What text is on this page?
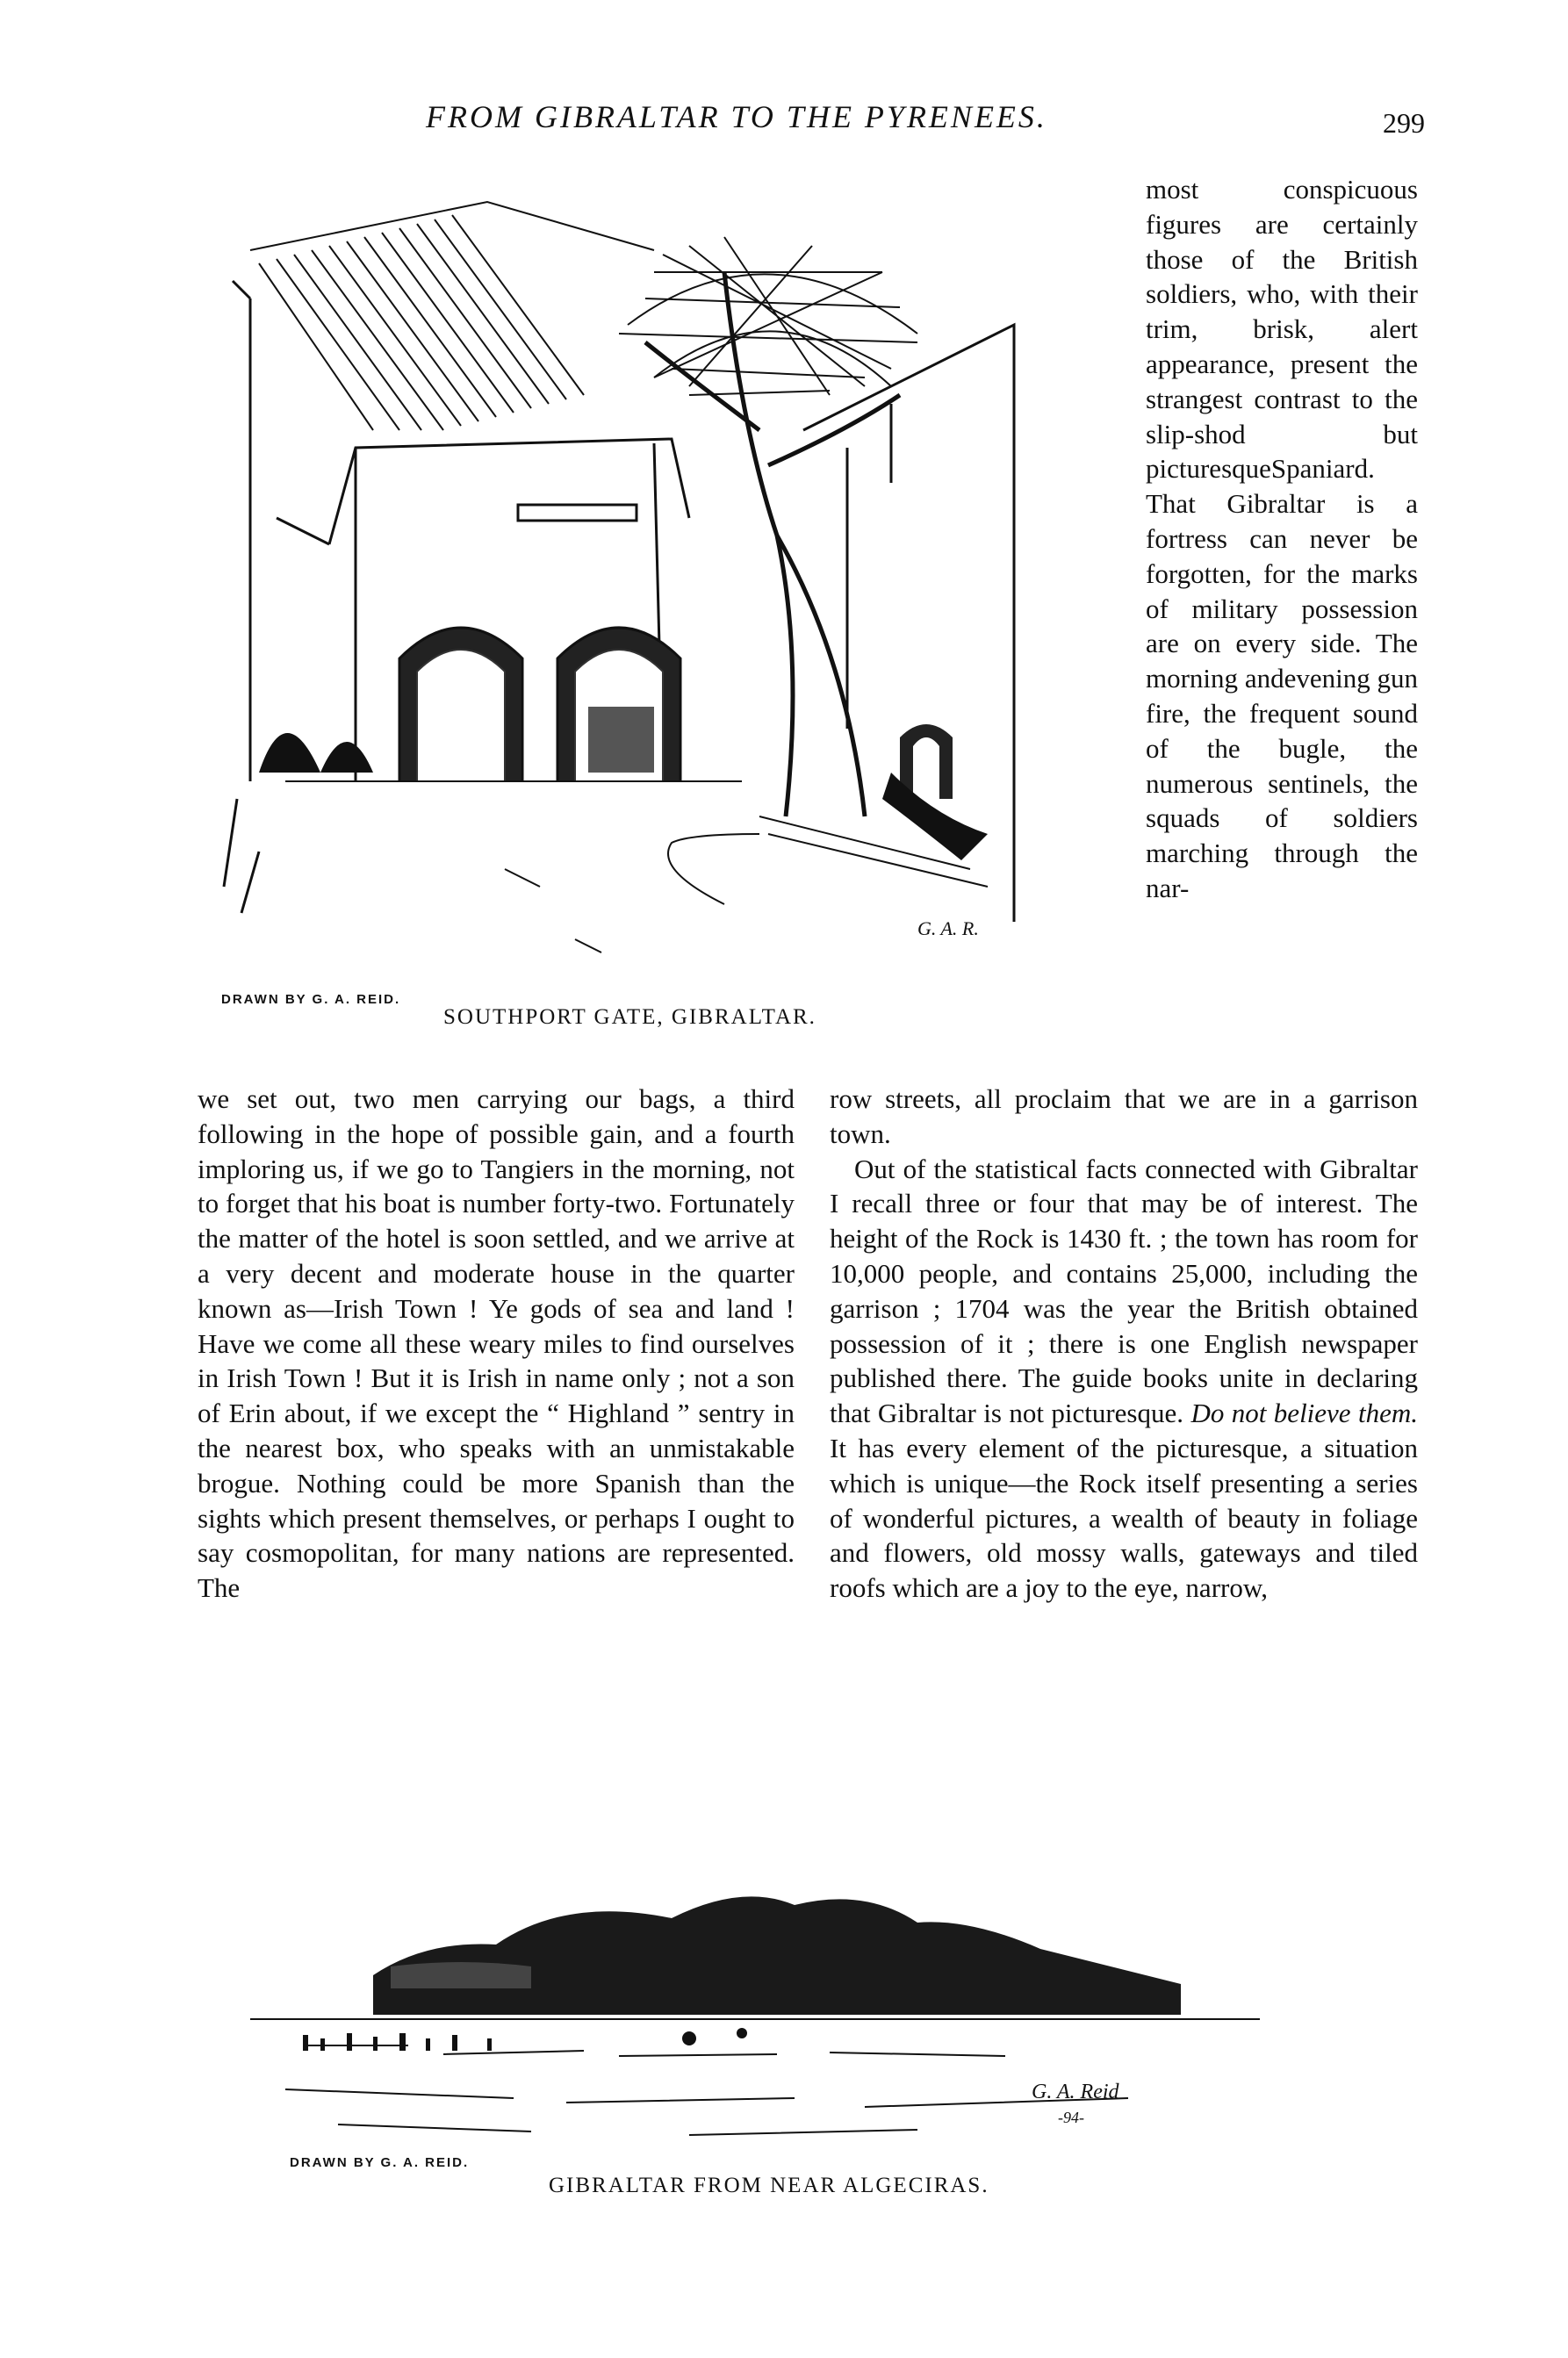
FROM GIBRALTAR TO THE PYRENEES.	299
G. A. R.
DRAWN BY G. A. REID.
SOUTHPORT GATE, GIBRALTAR.

most conspicuous figures are certainly those of the British soldiers, who, with their trim, brisk, alert appearance, present the strangest contrast to the slip-shod but picturesqueSpaniard. That Gibraltar is a fortress can never be forgotten, for the marks of military possession are on every side. The morning andevening gun fire, the frequent sound of the bugle, the numerous sentinels, the squads of soldiers marching through the nar-

we set out, two men carrying our bags, a third following in the hope of possible gain, and a fourth imploring us, if we go to Tangiers in the morning, not to forget that his boat is number forty-two. Fortunately the matter of the hotel is soon settled, and we arrive at a very decent and moderate house in the quarter known as—Irish Town ! Ye gods of sea and land ! Have we come all these weary miles to find ourselves in Irish Town ! But it is Irish in name only ; not a son of Erin about, if we except the “ Highland ” sentry in the nearest box, who speaks with an unmistakable brogue. Nothing could be more Spanish than the sights which present themselves, or perhaps I ought to say cosmopolitan, for many nations are represented. The

row streets, all proclaim that we are in a garrison town.

Out of the statistical facts connected with Gibraltar I recall three or four that may be of interest. The height of the Rock is 1430 ft. ; the town has room for 10,000 people, and contains 25,000, including the garrison ; 1704 was the year the British obtained possession of it ; there is one English newspaper published there. The guide books unite in declaring that Gibraltar is not picturesque. Do not believe them. It has every element of the picturesque, a situation which is unique—the Rock itself presenting a series of wonderful pictures, a wealth of beauty in foliage and flowers, old mossy walls, gateways and tiled roofs which are a joy to the eye, narrow,

G. A. Reid
-94-
DRAWN BY G. A. REID.
GIBRALTAR FROM NEAR ALGECIRAS.
